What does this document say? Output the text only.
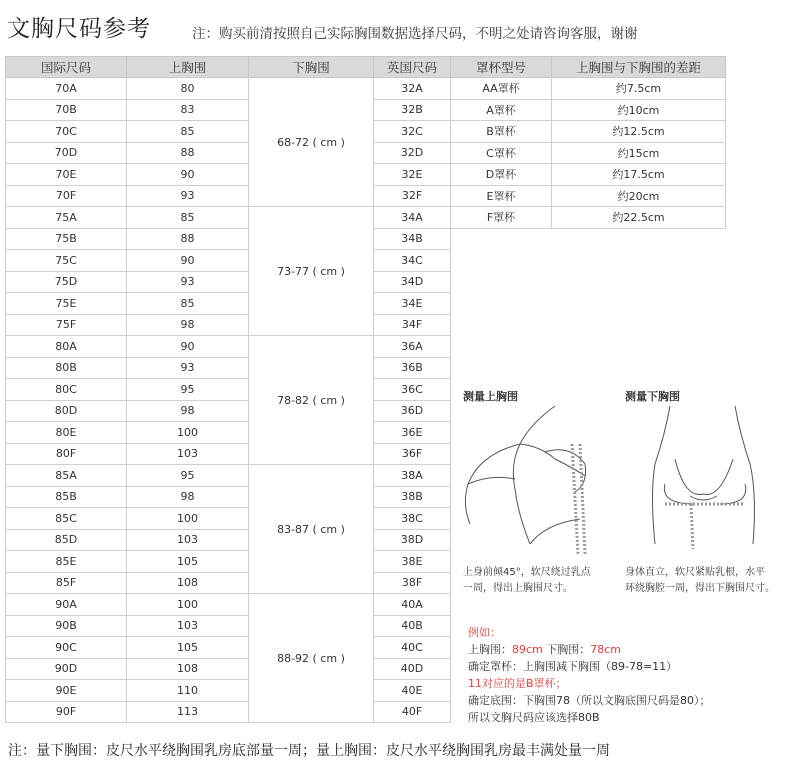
文胸尺码参考	注：购买前清按照自己实际胸围数据选择尺码，不明之处请咨询客服，谢谢
国际尺码	上胸围	下胸围	英国尺码	罩杯型号	上胸围与下胸围的差距
70A	80	68-72 ( cm )	32A	AA罩杯	约7.5cm
70B	83		32B	A罩杯	约10cm
70C	85		32C	B罩杯	约12.5cm
70D	88		32D	C罩杯	约15cm
70E	90		32E	D罩杯	约17.5cm
70F	93		32F	E罩杯	约20cm
75A	85	73-77 ( cm )	34A	F罩杯	约22.5cm
75B	88		34B		
75C	90		34C		
75D	93		34D		
75E	85		34E		
75F	98		34F		
80A	90	78-82 ( cm )	36A		
80B	93		36B		
80C	95		36C		
80D	98		36D		
80E	100		36E		
80F	103		36F		
85A	95	83-87 ( cm )	38A		
85B	98		38B		
85C	100		38C		
85D	103		38D		
85E	105		38E		
85F	108		38F		
90A	100	88-92 ( cm )	40A		
90B	103		40B		
90C	105		40C		
90D	108		40D		
90E	110		40E		
90F	113		40F		
测量上胸围	测量下胸围
上身前倾45°，软尺绕过乳点
一周，得出上胸围尺寸。
身体直立，软尺紧贴乳根，水平
环绕胸腔一周，得出下胸围尺寸。
例如：
上胸围：89cm 下胸围：78cm
确定罩杯：上胸围减下胸围（89-78=11）
11对应的是B罩杯；
确定底围：下胸围78（所以文胸底围尺码是80）；
所以文胸尺码应该选择80B
注：量下胸围：皮尺水平绕胸围乳房底部量一周；量上胸围：皮尺水平绕胸围乳房最丰满处量一周
